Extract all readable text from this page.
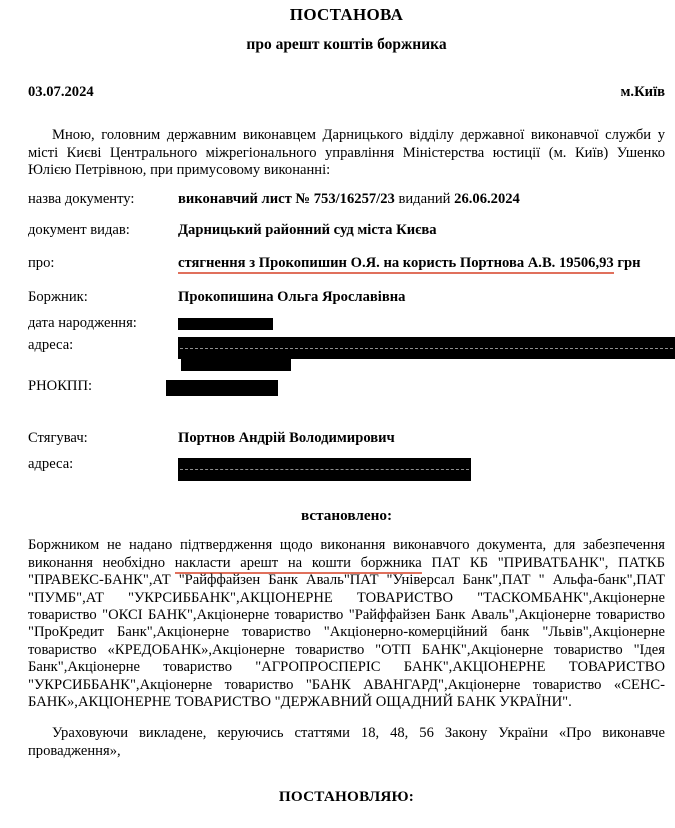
ПОСТАНОВА
про арешт коштів боржника
03.07.2024	м.Київ
Мною, головним державним виконавцем Дарницького відділу державної виконавчої служби у місті Києві Центрального міжрегіонального управління Міністерства юстиції (м. Київ) Ушенко Юлією Петрівною, при примусовому виконанні:
назва документу:	виконавчий лист № 753/16257/23 виданий 26.06.2024
документ видав:	Дарницький районний суд міста Києва
про:	стягнення з Прокопишин О.Я. на користь Портнова А.В. 19506,93 грн
Боржник:	Прокопишина Ольга Ярославівна
дата народження:
адреса:
РНОКПП:
Стягувач:	Портнов Андрій Володимирович
адреса:
встановлено:
Боржником не надано підтвердження щодо виконання виконавчого документа, для забезпечення виконання необхідно накласти арешт на кошти боржника ПАТ КБ "ПРИВАТБАНК", ПАТКБ "ПРАВЕКС-БАНК",АТ "Райффайзен Банк Аваль"ПАТ "Універсал Банк",ПАТ " Альфа-банк",ПАТ "ПУМБ",АТ "УКРСИББАНК",АКЦІОНЕРНЕ ТОВАРИСТВО "ТАСКОМБАНК",Акціонерне товариство "ОКСІ БАНК",Акціонерне товариство "Райффайзен Банк Аваль",Акціонерне товариство "ПроКредит Банк",Акціонерне товариство "Акціонерно-комерційний банк "Львів",Акціонерне товариство «КРЕДОБАНК»,Акціонерне товариство "ОТП БАНК",Акціонерне товариство "Ідея Банк",Акціонерне товариство "АГРОПРОСПЕРІС БАНК",АКЦІОНЕРНЕ ТОВАРИСТВО "УКРСИББАНК",Акціонерне товариство "БАНК АВАНГАРД",Акціонерне товариство «СЕНС-БАНК»,АКЦІОНЕРНЕ ТОВАРИСТВО "ДЕРЖАВНИЙ ОЩАДНИЙ БАНК УКРАЇНИ".
Ураховуючи викладене, керуючись статтями 18, 48, 56 Закону України «Про виконавче провадження»,
ПОСТАНОВЛЯЮ:
